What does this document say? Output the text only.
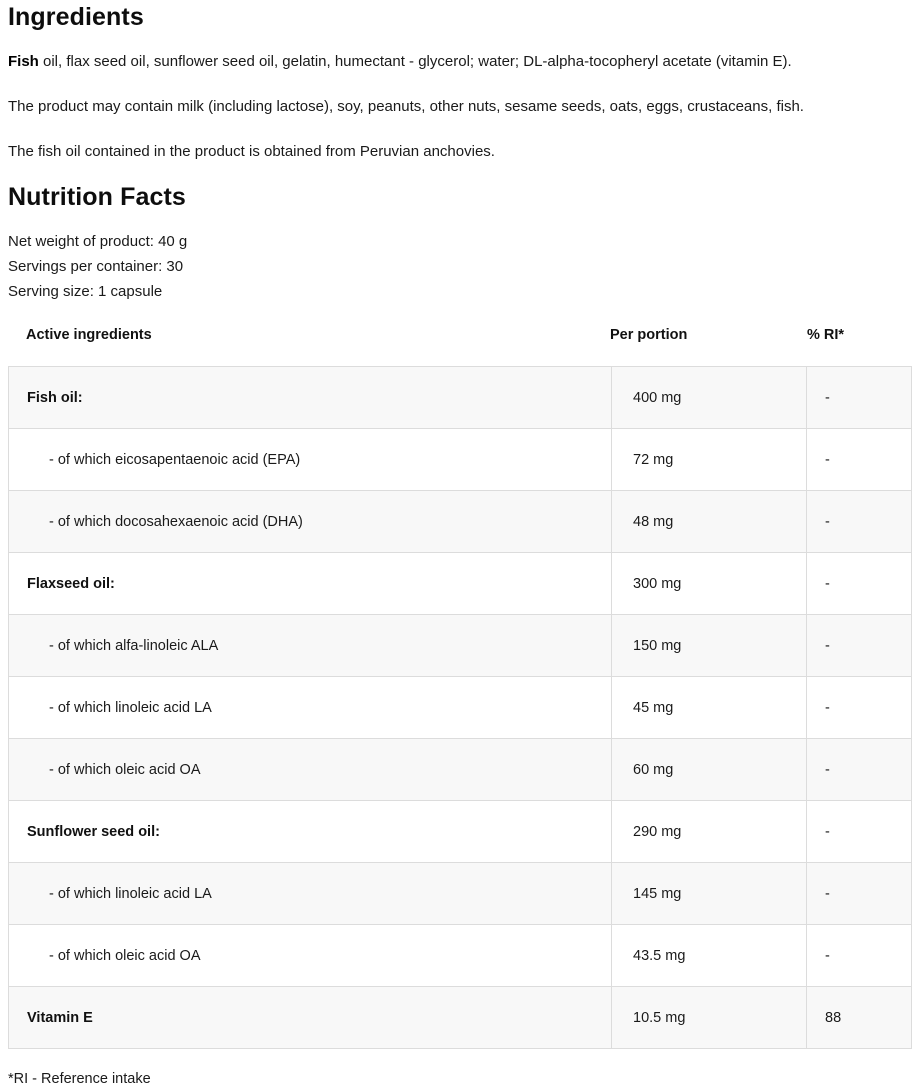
Ingredients

Fish oil, flax seed oil, sunflower seed oil, gelatin, humectant - glycerol; water; DL-alpha-tocopheryl acetate (vitamin E).

The product may contain milk (including lactose), soy, peanuts, other nuts, sesame seeds, oats, eggs, crustaceans, fish.

The fish oil contained in the product is obtained from Peruvian anchovies.

Nutrition Facts
Net weight of product: 40 g
Servings per container: 30
Serving size: 1 capsule
Active ingredients	Per portion	% RI*
Fish oil:	400 mg	-
- of which eicosapentaenoic acid (EPA)	72 mg	-
- of which docosahexaenoic acid (DHA)	48 mg	-
Flaxseed oil:	300 mg	-
- of which alfa-linoleic ALA	150 mg	-
- of which linoleic acid LA	45 mg	-
- of which oleic acid OA	60 mg	-
Sunflower seed oil:	290 mg	-
- of which linoleic acid LA	145 mg	-
- of which oleic acid OA	43.5 mg	-
Vitamin E	10.5 mg	88

*RI - Reference intake
